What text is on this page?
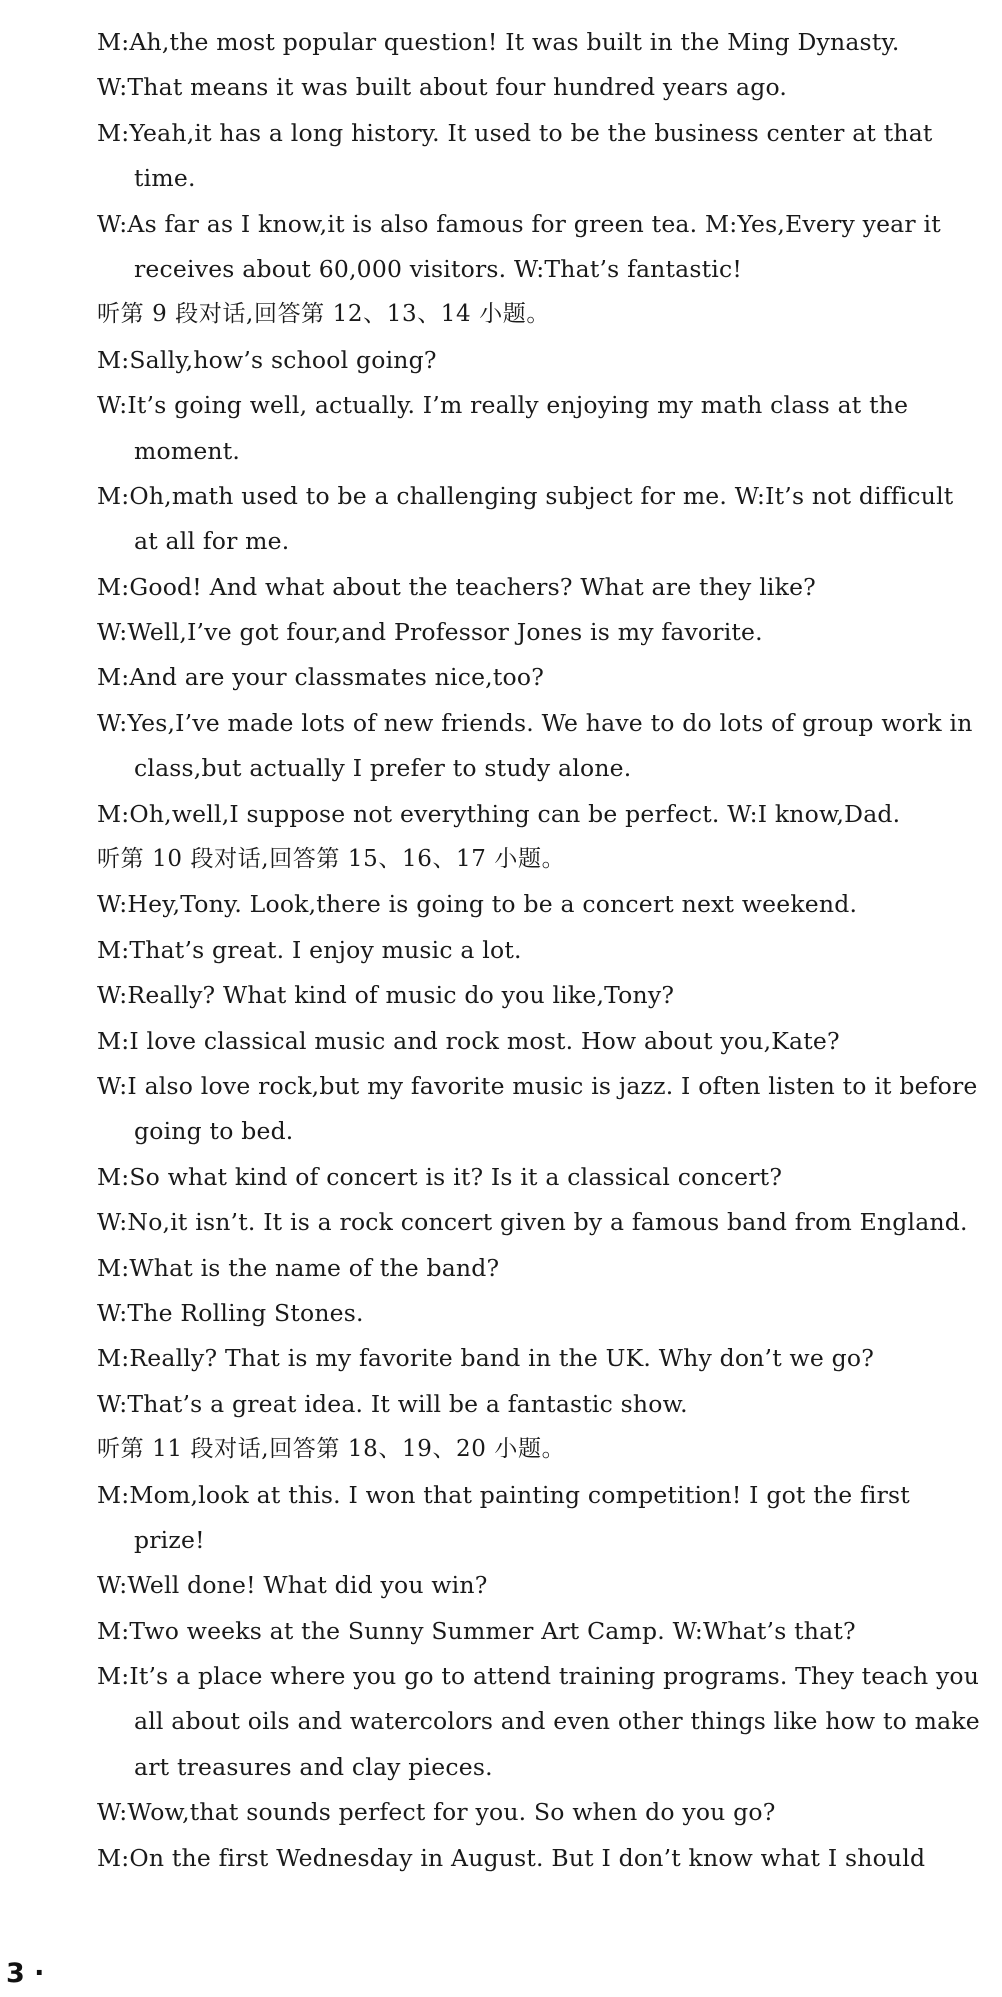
M:Ah,the most popular question! It was built in the Ming Dynasty.
W:That means it was built about four hundred years ago.
M:Yeah,it has a long history. It used to be the business center at that
time.
W:As far as I know,it is also famous for green tea. M:Yes,Every year it
receives about 60,000 visitors. W:That’s fantastic!
听第 9 段对话,回答第 12、13、14 小题。
M:Sally,how’s school going?
W:It’s going well, actually. I’m really enjoying my math class at the
moment.
M:Oh,math used to be a challenging subject for me. W:It’s not difficult
at all for me.
M:Good! And what about the teachers? What are they like?
W:Well,I’ve got four,and Professor Jones is my favorite.
M:And are your classmates nice,too?
W:Yes,I’ve made lots of new friends. We have to do lots of group work in
class,but actually I prefer to study alone.
M:Oh,well,I suppose not everything can be perfect. W:I know,Dad.
听第 10 段对话,回答第 15、16、17 小题。
W:Hey,Tony. Look,there is going to be a concert next weekend.
M:That’s great. I enjoy music a lot.
W:Really? What kind of music do you like,Tony?
M:I love classical music and rock most. How about you,Kate?
W:I also love rock,but my favorite music is jazz. I often listen to it before
going to bed.
M:So what kind of concert is it? Is it a classical concert?
W:No,it isn’t. It is a rock concert given by a famous band from England.
M:What is the name of the band?
W:The Rolling Stones.
M:Really? That is my favorite band in the UK. Why don’t we go?
W:That’s a great idea. It will be a fantastic show.
听第 11 段对话,回答第 18、19、20 小题。
M:Mom,look at this. I won that painting competition! I got the first
prize!
W:Well done! What did you win?
M:Two weeks at the Sunny Summer Art Camp. W:What’s that?
M:It’s a place where you go to attend training programs. They teach you
all about oils and watercolors and even other things like how to make
art treasures and clay pieces.
W:Wow,that sounds perfect for you. So when do you go?
M:On the first Wednesday in August. But I don’t know what I should
3 ·
